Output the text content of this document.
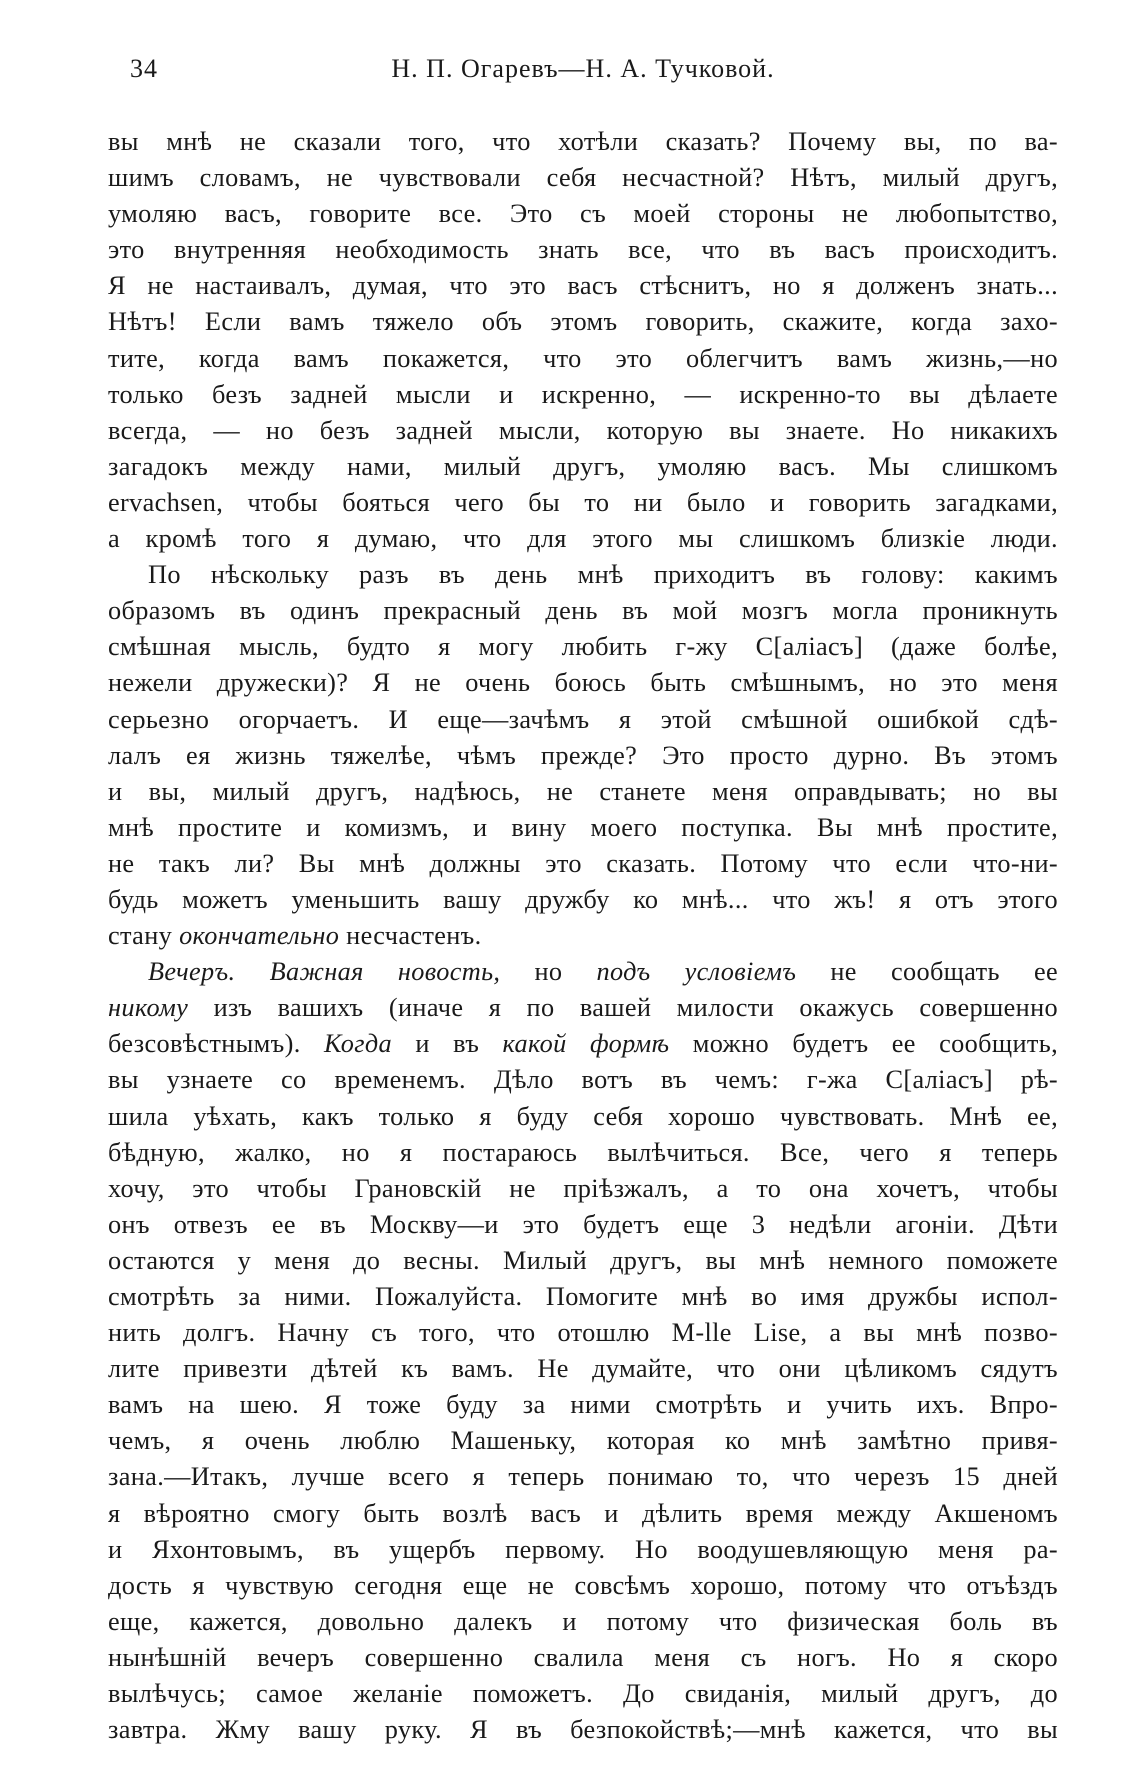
34	Н. П. Огаревъ—Н. А. Тучковой.

вы мнѣ не сказали того, что хотѣли сказать? Почему вы, по ва-
шимъ словамъ, не чувствовали себя несчастной? Нѣтъ, милый другъ,
умоляю васъ, говорите все. Это съ моей стороны не любопытство,
это внутренняя необходимость знать все, что въ васъ происходитъ.
Я не настаивалъ, думая, что это васъ стѣснитъ, но я долженъ знать...
Нѣтъ! Если вамъ тяжело объ этомъ говорить, скажите, когда захо-
тите, когда вамъ покажется, что это облегчитъ вамъ жизнь,—но
только безъ задней мысли и искренно, — искренно-то вы дѣлаете
всегда, — но безъ задней мысли, которую вы знаете. Но никакихъ
загадокъ между нами, милый другъ, умоляю васъ. Мы слишкомъ
ervachsen, чтобы бояться чего бы то ни было и говорить загадками,
а кромѣ того я думаю, что для этого мы слишкомъ близкіе люди.

По нѣскольку разъ въ день мнѣ приходитъ въ голову: какимъ
образомъ въ одинъ прекрасный день въ мой мозгъ могла проникнуть
смѣшная мысль, будто я могу любить г-жу С[аліасъ] (даже болѣе,
нежели дружески)? Я не очень боюсь быть смѣшнымъ, но это меня
серьезно огорчаетъ. И еще—зачѣмъ я этой смѣшной ошибкой сдѣ-
лалъ ея жизнь тяжелѣе, чѣмъ прежде? Это просто дурно. Въ этомъ
и вы, милый другъ, надѣюсь, не станете меня оправдывать; но вы
мнѣ простите и комизмъ, и вину моего поступка. Вы мнѣ простите,
не такъ ли? Вы мнѣ должны это сказать. Потому что если что-ни-
будь можетъ уменьшить вашу дружбу ко мнѣ... что жъ! я отъ этого
стану окончательно несчастенъ.

Вечеръ. Важная новость, но подъ условіемъ не сообщать ее
никому изъ вашихъ (иначе я по вашей милости окажусь совершенно
безсовѣстнымъ). Когда и въ какой формѣ можно будетъ ее сообщить,
вы узнаете со временемъ. Дѣло вотъ въ чемъ: г-жа С[аліасъ] рѣ-
шила уѣхать, какъ только я буду себя хорошо чувствовать. Мнѣ ее,
бѣдную, жалко, но я постараюсь вылѣчиться. Все, чего я теперь
хочу, это чтобы Грановскій не пріѣзжалъ, а то она хочетъ, чтобы
онъ отвезъ ее въ Москву—и это будетъ еще 3 недѣли агоніи. Дѣти
остаются у меня до весны. Милый другъ, вы мнѣ немного поможете
смотрѣть за ними. Пожалуйста. Помогите мнѣ во имя дружбы испол-
нить долгъ. Начну съ того, что отошлю M-lle Lise, а вы мнѣ позво-
лите привезти дѣтей къ вамъ. Не думайте, что они цѣликомъ сядутъ
вамъ на шею. Я тоже буду за ними смотрѣть и учить ихъ. Впро-
чемъ, я очень люблю Машеньку, которая ко мнѣ замѣтно привя-
зана.—Итакъ, лучше всего я теперь понимаю то, что черезъ 15 дней
я вѣроятно смогу быть возлѣ васъ и дѣлить время между Акшеномъ
и Яхонтовымъ, въ ущербъ первому. Но воодушевляющую меня ра-
дость я чувствую сегодня еще не совсѣмъ хорошо, потому что отъѣздъ
еще, кажется, довольно далекъ и потому что физическая боль въ
нынѣшній вечеръ совершенно свалила меня съ ногъ. Но я скоро
вылѣчусь; самое желаніе поможетъ. До свиданія, милый другъ, до
завтра. Жму вашу руку. Я въ безпокойствѣ;—мнѣ кажется, что вы
